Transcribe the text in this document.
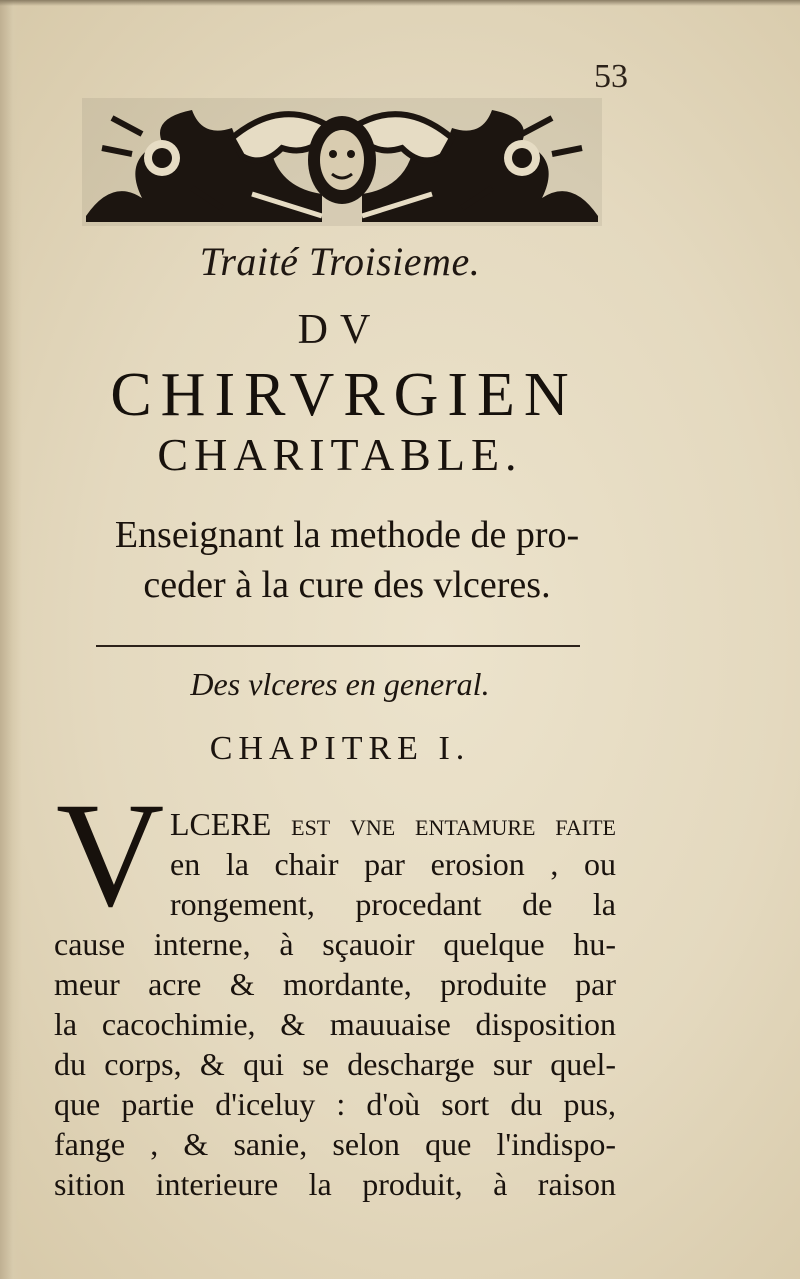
53
Traité Troisieme.
DV
CHIRVRGIEN
CHARITABLE.
Enseignant la methode de pro-
ceder à la cure des vlceres.
Des vlceres en general.
CHAPITRE I.
V LCERE est vne entamure faite
en la chair par erosion , ou
rongement, procedant de la
cause interne, à sçauoir quelque hu-
meur acre & mordante, produite par
la cacochimie, & mauuaise disposition
du corps, & qui se descharge sur quel-
que partie d'iceluy : d'où sort du pus,
fange , & sanie, selon que l'indispo-
sition interieure la produit, à raison
